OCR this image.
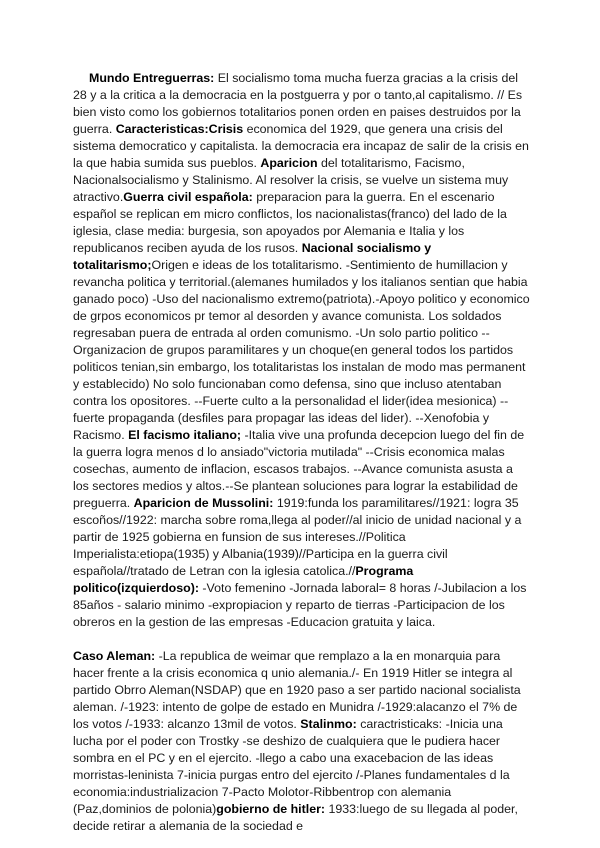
Mundo Entreguerras: El socialismo toma mucha fuerza gracias a la crisis del 28 y a la critica a la democracia en la postguerra y por o tanto,al capitalismo. // Es bien visto como los gobiernos totalitarios ponen orden en paises destruidos por la guerra. Caracteristicas:Crisis economica del 1929, que genera una crisis del sistema democratico y capitalista. la democracia era incapaz de salir de la crisis en la que habia sumida sus pueblos. Aparicion del totalitarismo, Facismo, Nacionalsocialismo y Stalinismo. Al resolver la crisis, se vuelve un sistema muy atractivo.Guerra civil española: preparacion para la guerra. En el escenario español se replican em micro conflictos, los nacionalistas(franco) del lado de la iglesia, clase media: burgesia, son apoyados por Alemania e Italia y los republicanos reciben ayuda de los rusos. Nacional socialismo y totalitarismo;Origen e ideas de los totalitarismo. -Sentimiento de humillacion y revancha politica y territorial.(alemanes humilados y los italianos sentian que habia ganado poco) -Uso del nacionalismo extremo(patriota).-Apoyo politico y economico de grpos economicos pr temor al desorden y avance comunista. Los soldados regresaban puera de entrada al orden comunismo. -Un solo partio politico --Organizacion de grupos paramilitares y un choque(en general todos los partidos politicos tenian,sin embargo, los totalitaristas los instalan de modo mas permanent y establecido) No solo funcionaban como defensa, sino que incluso atentaban contra los opositores. --Fuerte culto a la personalidad el lider(idea mesionica) --fuerte propaganda (desfiles para propagar las ideas del lider). --Xenofobia y Racismo. El facismo italiano; -Italia vive una profunda decepcion luego del fin de la guerra logra menos d lo ansiado"victoria mutilada" --Crisis economica malas cosechas, aumento de inflacion, escasos trabajos. --Avance comunista asusta a los sectores medios y altos.--Se plantean soluciones para lograr la estabilidad de preguerra. Aparicion de Mussolini: 1919:funda los paramilitares//1921: logra 35 escoños//1922: marcha sobre roma,llega al poder//al inicio de unidad nacional y a partir de 1925 gobierna en funsion de sus intereses.//Politica Imperialista:etiopa(1935) y Albania(1939)//Participa en la guerra civil española//tratado de Letran con la iglesia catolica.//Programa politico(izquierdoso): -Voto femenino -Jornada laboral= 8 horas /-Jubilacion a los 85años - salario minimo -expropiacion y reparto de tierras -Participacion de los obreros en la gestion de las empresas -Educacion gratuita y laica.

Caso Aleman: -La republica de weimar que remplazo a la en monarquia para hacer frente a la crisis economica q unio alemania./- En 1919 Hitler se integra al partido Obrro Aleman(NSDAP) que en 1920 paso a ser partido nacional socialista aleman. /-1923: intento de golpe de estado en Munidra /-1929:alacanzo el 7% de los votos /-1933: alcanzo 13mil de votos. Stalinmo: caractristicaks: -Inicia una lucha por el poder con Trostky -se deshizo de cualquiera que le pudiera hacer sombra en el PC y en el ejercito. -llego a cabo una exacebacion de las ideas morristas-leninista 7-inicia purgas entro del ejercito /-Planes fundamentales d la economia:industrializacion 7-Pacto Molotor-Ribbentrop con alemania (Paz,dominios de polonia)gobierno de hitler: 1933:luego de su llegada al poder, decide retirar a alemania de la sociedad e
